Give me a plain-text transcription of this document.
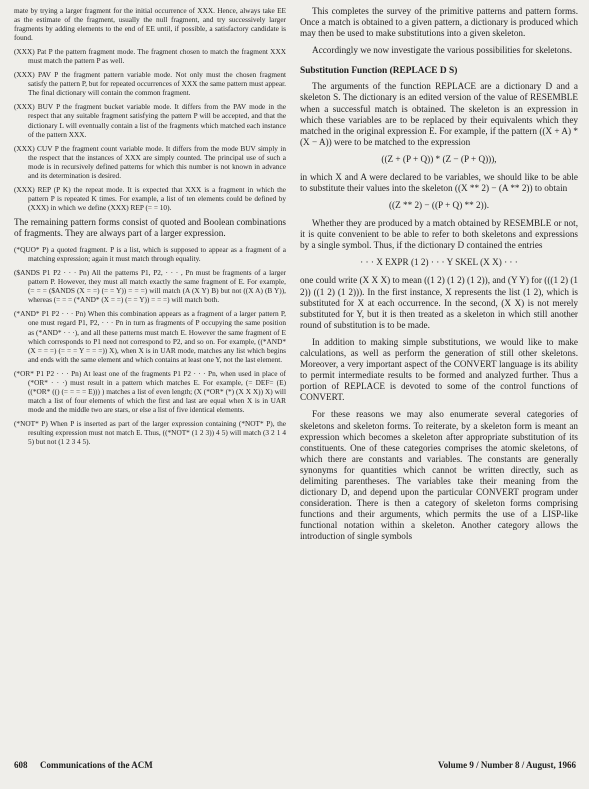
mate by trying a larger fragment for the initial occurrence of XXX. Hence, always take EE as the estimate of the fragment, usually the null fragment, and try successively larger fragments by adding elements to the end of EE until, if possible, a satisfactory candidate is found.

(XXX) Pat P the pattern fragment mode. The fragment chosen to match the fragment XXX must match the pattern P as well.

(XXX) PAV P the fragment pattern variable mode. Not only must the chosen fragment satisfy the pattern P, but for repeated occurrences of XXX the same pattern must appear. The final dictionary will contain the common fragment.

(XXX) BUV P the fragment bucket variable mode. It differs from the PAV mode in the respect that any suitable fragment satisfying the pattern P will be accepted, and that the dictionary L will eventually contain a list of the fragments which matched each instance of the pattern XXX.

(XXX) CUV P the fragment count variable mode. It differs from the mode BUV simply in the respect that the instances of XXX are simply counted. The principal use of such a mode is in recursively defined patterns for which this number is not known in advance and its determination is desired.

(XXX) REP (P K) the repeat mode. It is expected that XXX is a fragment in which the pattern P is repeated K times. For example, a list of ten elements could be defined by (XXX) in which we define (XXX) REP (= = 10).

The remaining pattern forms consist of quoted and Boolean combinations of fragments. They are always part of a larger expression.

(*QUO* P) a quoted fragment. P is a list, which is supposed to appear as a fragment of a matching expression; again it must match through equality.

($ANDS P1 P2 · · · Pn) All the patterns P1, P2, · · · , Pn must be fragments of a larger pattern P. However, they must all match exactly the same fragment of E. For example, (= = = ($ANDS (X = =) (= = Y)) = = =) will match (A (X Y) B) but not ((X A) (B Y)), whereas (= = = (*AND* (X = =) (= = Y)) = = =) will match both.

(*AND* P1 P2 · · · Pn) When this combination appears as a fragment of a larger pattern P, one must regard P1, P2, · · · Pn in turn as fragments of P occupying the same position as (*AND* · · ·), and all these patterns must match E. However the same fragment of E which corresponds to P1 need not correspond to P2, and so on. For example, ((*AND* (X = = =) (= = = Y = = =)) X), when X is in UAR mode, matches any list which begins and ends with the same element and which contains at least one Y, not the last element.

(*OR* P1 P2 · · · Pn) At least one of the fragments P1 P2 · · · Pn, when used in place of (*OR* · · ·) must result in a pattern which matches E. For example, (= DEF= (E) ((*OR* (() (= = = = E))) ) matches a list of even length; (X (*OR* (*) (X X X)) X) will match a list of four elements of which the first and last are equal when X is in UAR mode and the middle two are stars, or else a list of five identical elements.

(*NOT* P) When P is inserted as part of the larger expression containing (*NOT* P), the resulting expression must not match E. Thus, ((*NOT* (1 2 3)) 4 5) will match (3 2 1 4 5) but not (1 2 3 4 5).

This completes the survey of the primitive patterns and pattern forms. Once a match is obtained to a given pattern, a dictionary is produced which may then be used to make substitutions into a given skeleton.

Accordingly we now investigate the various possibilities for skeletons.

Substitution Function (REPLACE D S)

The arguments of the function REPLACE are a dictionary D and a skeleton S. The dictionary is an edited version of the value of RESEMBLE when a successful match is obtained. The skeleton is an expression in which these variables are to be replaced by their equivalents which they matched in the original expression E. For example, if the pattern ((X + A) * (X − A)) were to be matched to the expression

((Z + (P + Q)) * (Z − (P + Q))),

in which X and A were declared to be variables, we should like to be able to substitute their values into the skeleton ((X ** 2) − (A ** 2)) to obtain

((Z ** 2) − ((P + Q) ** 2)).

Whether they are produced by a match obtained by RESEMBLE or not, it is quite convenient to be able to refer to both skeletons and expressions by a single symbol. Thus, if the dictionary D contained the entries

· · · X EXPR (1 2) · · · Y SKEL (X X) · · ·

one could write (X X X) to mean ((1 2) (1 2) (1 2)), and (Y Y) for (((1 2) (1 2)) ((1 2) (1 2))). In the first instance, X represents the list (1 2), which is substituted for X at each occurrence. In the second, (X X) is not merely substituted for Y, but it is then treated as a skeleton in which still another round of substitution is to be made.

In addition to making simple substitutions, we would like to make calculations, as well as perform the generation of still other skeletons. Moreover, a very important aspect of the CONVERT language is its ability to permit intermediate results to be formed and analyzed further. Thus a portion of REPLACE is devoted to some of the control functions of CONVERT.

For these reasons we may also enumerate several categories of skeletons and skeleton forms. To reiterate, by a skeleton form is meant an expression which becomes a skeleton after appropriate substitution of its constituents. One of these categories comprises the atomic skeletons, of which there are constants and variables. The constants are generally synonyms for quantities which cannot be written directly, such as delimiting parentheses. The variables take their meaning from the dictionary D, and depend upon the particular CONVERT program under consideration. There is then a category of skeleton forms comprising functions and their arguments, which permits the use of a LISP-like functional notation within a skeleton. Another category allows the introduction of single symbols

608 Communications of the ACM	Volume 9 / Number 8 / August, 1966
